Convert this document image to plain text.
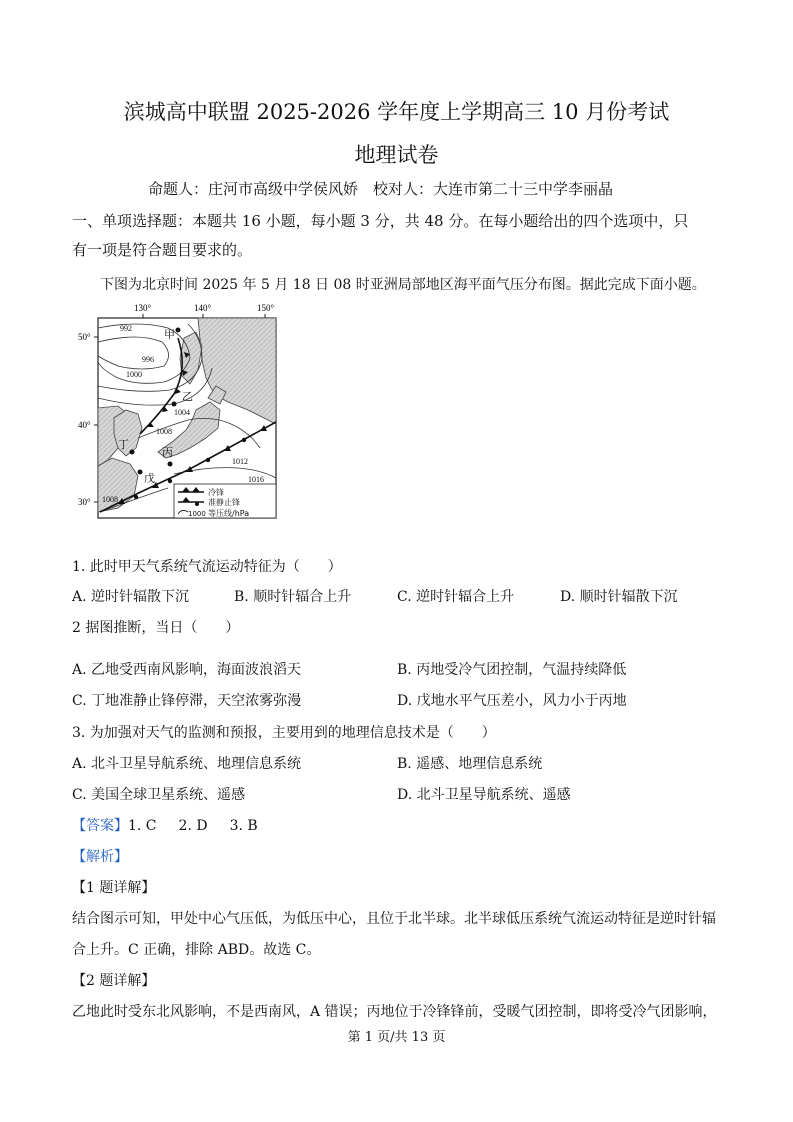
滨城高中联盟 2025-2026 学年度上学期高三 10 月份考试
地理试卷
命题人：庄河市高级中学侯风娇　校对人：大连市第二十三中学李丽晶
一、单项选择题：本题共 16 小题，每小题 3 分，共 48 分。在每小题给出的四个选项中，只
有一项是符合题目要求的。
下图为北京时间 2025 年 5 月 18 日 08 时亚洲局部地区海平面气压分布图。据此完成下面小题。
130°	140°	150°
50°
40°
30°
992
996
1000
1004
1008
1012
1016
1008
甲
乙
丙
丁
戊
冷锋
准静止锋
1000 等压线/hPa
1. 此时甲天气系统气流运动特征为（　　）
A. 逆时针辐散下沉	B. 顺时针辐合上升	C. 逆时针辐合上升	D. 顺时针辐散下沉
2 据图推断，当日（　　）
A. 乙地受西南风影响，海面波浪滔天	B. 丙地受冷气团控制，气温持续降低
C. 丁地准静止锋停滞，天空浓雾弥漫	D. 戊地水平气压差小，风力小于丙地
3. 为加强对天气的监测和预报，主要用到的地理信息技术是（　　）
A. 北斗卫星导航系统、地理信息系统	B. 遥感、地理信息系统
C. 美国全球卫星系统、遥感	D. 北斗卫星导航系统、遥感
【答案】1. C 2. D 3. B
【解析】
【1 题详解】
结合图示可知，甲处中心气压低，为低压中心，且位于北半球。北半球低压系统气流运动特征是逆时针辐
合上升。C 正确，排除 ABD。故选 C。
【2 题详解】
乙地此时受东北风影响，不是西南风，A 错误；丙地位于冷锋锋前，受暖气团控制，即将受冷气团影响，
第 1 页/共 13 页
